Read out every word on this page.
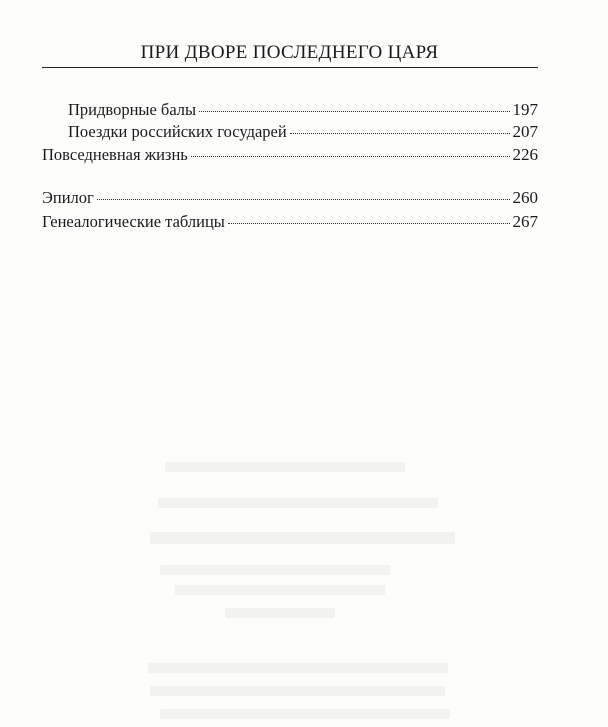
ПРИ ДВОРЕ ПОСЛЕДНЕГО ЦАРЯ
Придворные балы	197
Поездки российских государей	207
Повседневная жизнь	226
Эпилог	260
Генеалогические таблицы	267
